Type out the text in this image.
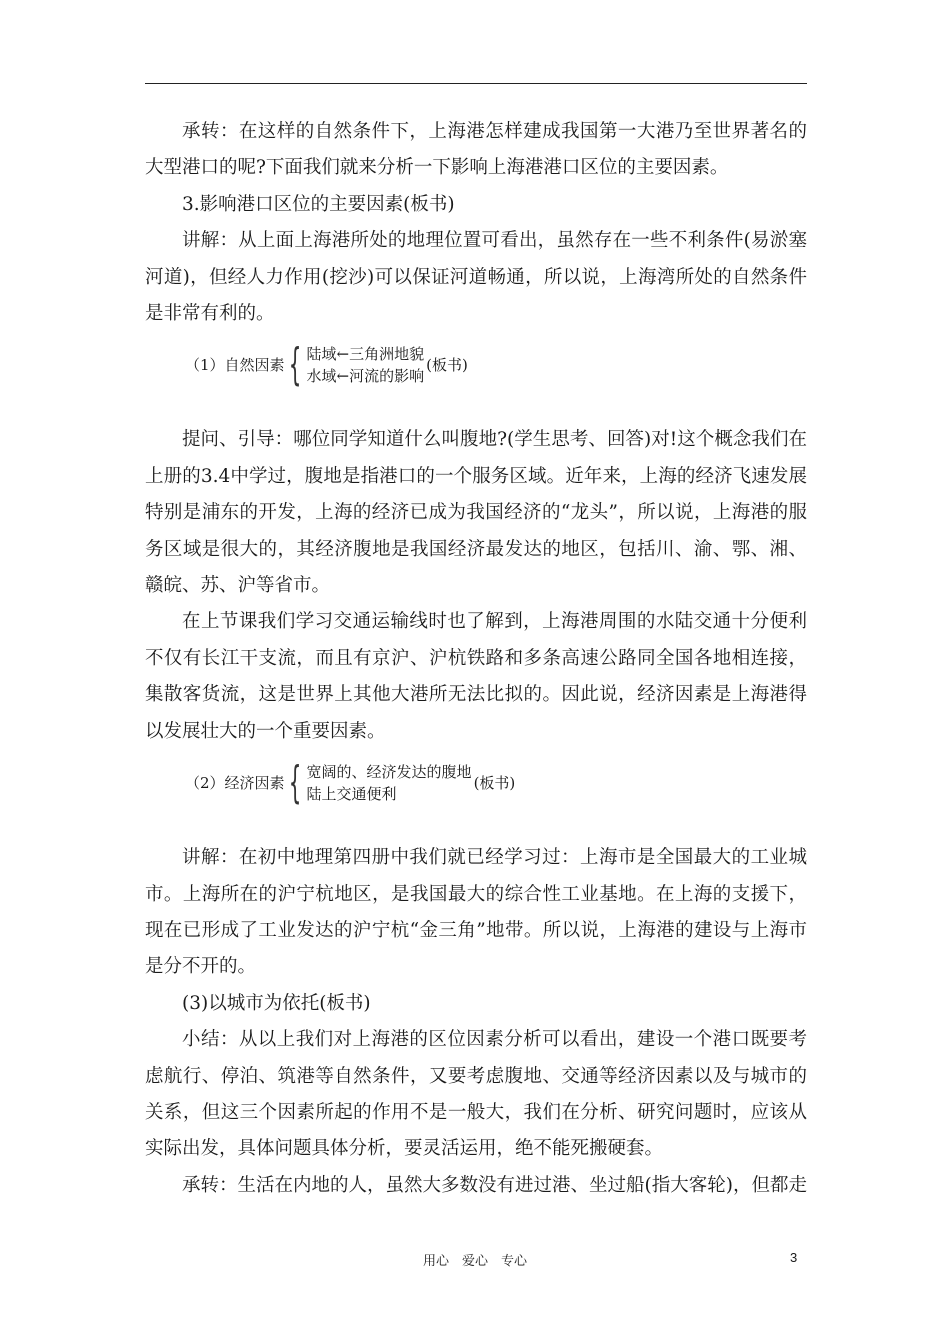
承转：在这样的自然条件下，上海港怎样建成我国第一大港乃至世界著名的大型港口的呢?下面我们就来分析一下影响上海港港口区位的主要因素。

3.影响港口区位的主要因素(板书)

讲解：从上面上海港所处的地理位置可看出，虽然存在一些不利条件(易淤塞河道)，但经人力作用(挖沙)可以保证河道畅通，所以说，上海湾所处的自然条件是非常有利的。

（1）自然因素 { 陆域←三角洲地貌
水域←河流的影响
(板书)

提问、引导：哪位同学知道什么叫腹地?(学生思考、回答)对!这个概念我们在上册的3.4中学过，腹地是指港口的一个服务区域。近年来，上海的经济飞速发展特别是浦东的开发，上海的经济已成为我国经济的“龙头”，所以说，上海港的服务区域是很大的，其经济腹地是我国经济最发达的地区，包括川、渝、鄂、湘、赣皖、苏、沪等省市。

在上节课我们学习交通运输线时也了解到，上海港周围的水陆交通十分便利不仅有长江干支流，而且有京沪、沪杭铁路和多条高速公路同全国各地相连接，集散客货流，这是世界上其他大港所无法比拟的。因此说，经济因素是上海港得以发展壮大的一个重要因素。

（2）经济因素 { 宽阔的、经济发达的腹地
陆上交通便利
(板书)

讲解：在初中地理第四册中我们就已经学习过：上海市是全国最大的工业城市。上海所在的沪宁杭地区，是我国最大的综合性工业基地。在上海的支援下，现在已形成了工业发达的沪宁杭“金三角”地带。所以说，上海港的建设与上海市是分不开的。

(3)以城市为依托(板书)

小结：从以上我们对上海港的区位因素分析可以看出，建设一个港口既要考虑航行、停泊、筑港等自然条件，又要考虑腹地、交通等经济因素以及与城市的关系，但这三个因素所起的作用不是一般大，我们在分析、研究问题时，应该从实际出发，具体问题具体分析，要灵活运用，绝不能死搬硬套。

承转：生活在内地的人，虽然大多数没有进过港、坐过船(指大客轮)，但都走

用心　爱心　专心	3
